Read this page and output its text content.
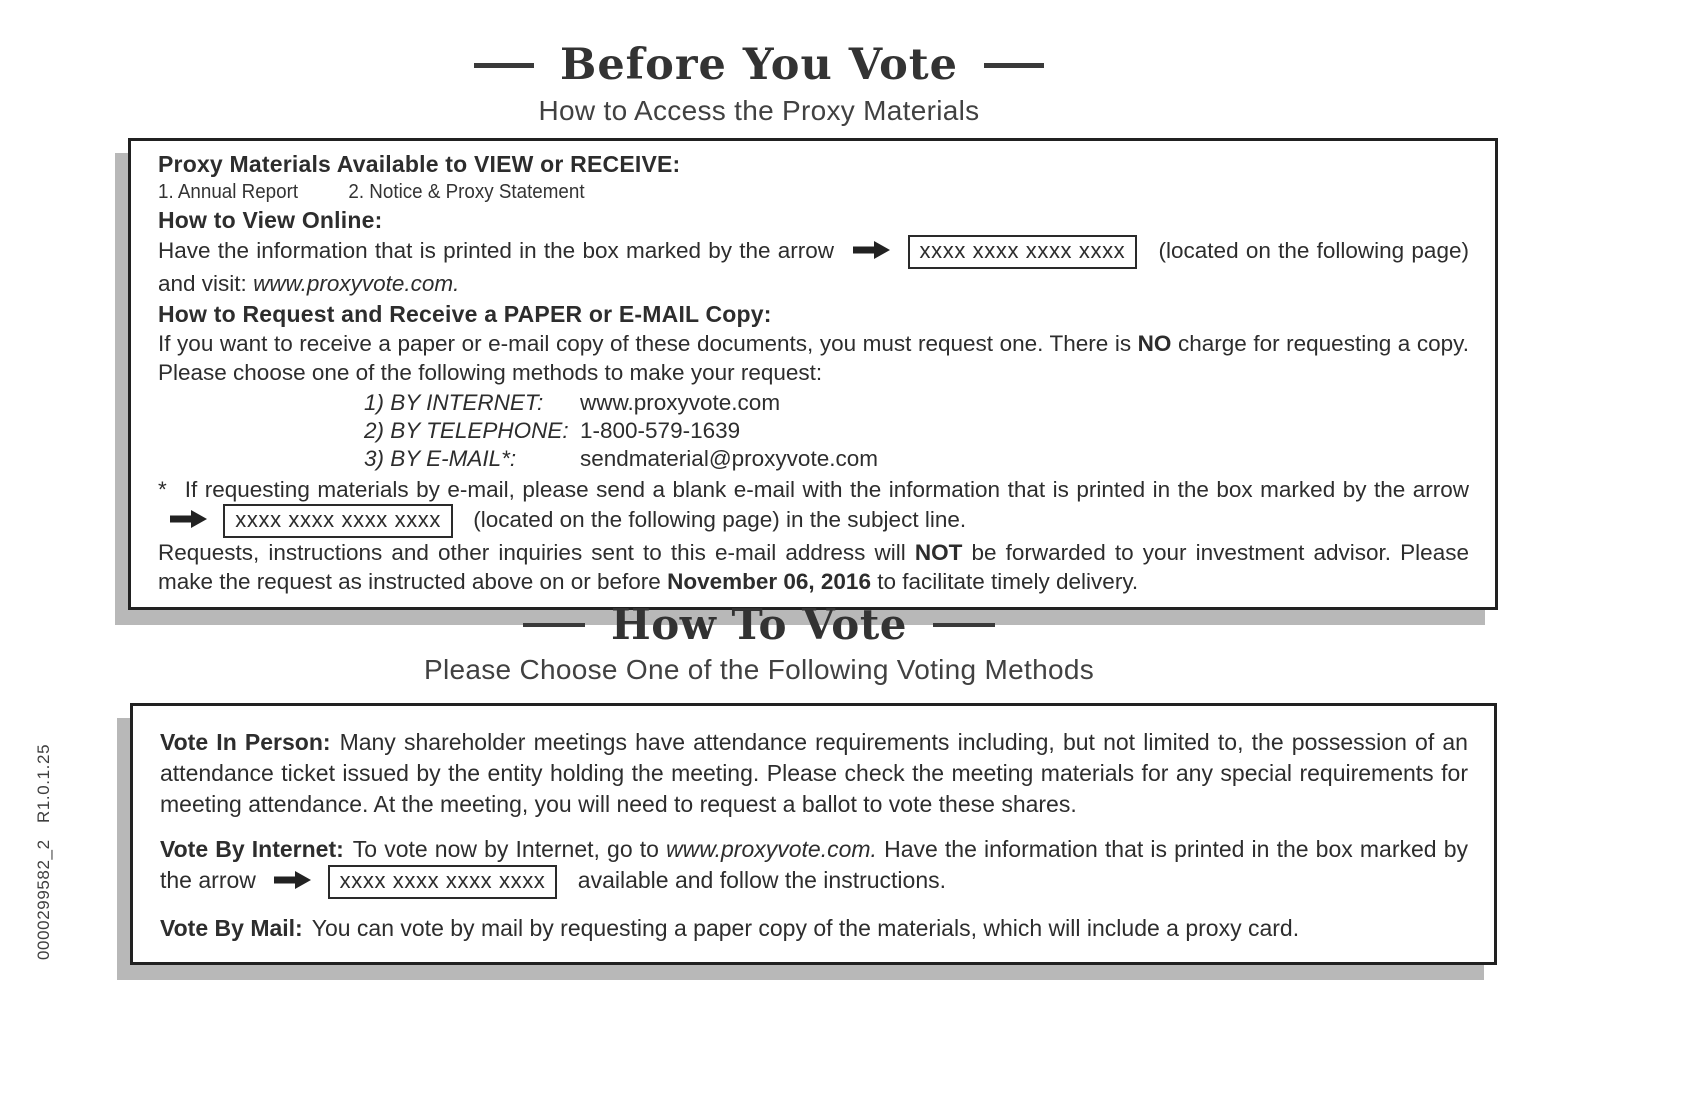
Before You Vote
How to Access the Proxy Materials
Proxy Materials Available to VIEW or RECEIVE:
1. Annual Report	2. Notice & Proxy Statement
How to View Online:

Have the information that is printed in the box marked by the arrow	xxxx xxxx xxxx xxxx (located on the following page) and visit: www.proxyvote.com.

How to Request and Receive a PAPER or E-MAIL Copy:

If you want to receive a paper or e-mail copy of these documents, you must request one. There is NO charge for requesting a copy. Please choose one of the following methods to make your request:

1) BY INTERNET:	www.proxyvote.com
2) BY TELEPHONE: 1-800-579-1639
3) BY E-MAIL*:	sendmaterial@proxyvote.com

* If requesting materials by e-mail, please send a blank e-mail with the information that is printed in the box marked by the arrow  xxxx xxxx xxxx xxxx (located on the following page) in the subject line.

Requests, instructions and other inquiries sent to this e-mail address will NOT be forwarded to your investment advisor. Please make the request as instructed above on or before November 06, 2016 to facilitate timely delivery.

How To Vote
Please Choose One of the Following Voting Methods

Vote In Person: Many shareholder meetings have attendance requirements including, but not limited to, the possession of an attendance ticket issued by the entity holding the meeting. Please check the meeting materials for any special requirements for meeting attendance. At the meeting, you will need to request a ballot to vote these shares.

Vote By Internet: To vote now by Internet, go to www.proxyvote.com. Have the information that is printed in the box marked by the arrow	xxxx xxxx xxxx xxxx available and follow the instructions.

Vote By Mail: You can vote by mail by requesting a paper copy of the materials, which will include a proxy card.

0000299582_2
R1.0.1.25
